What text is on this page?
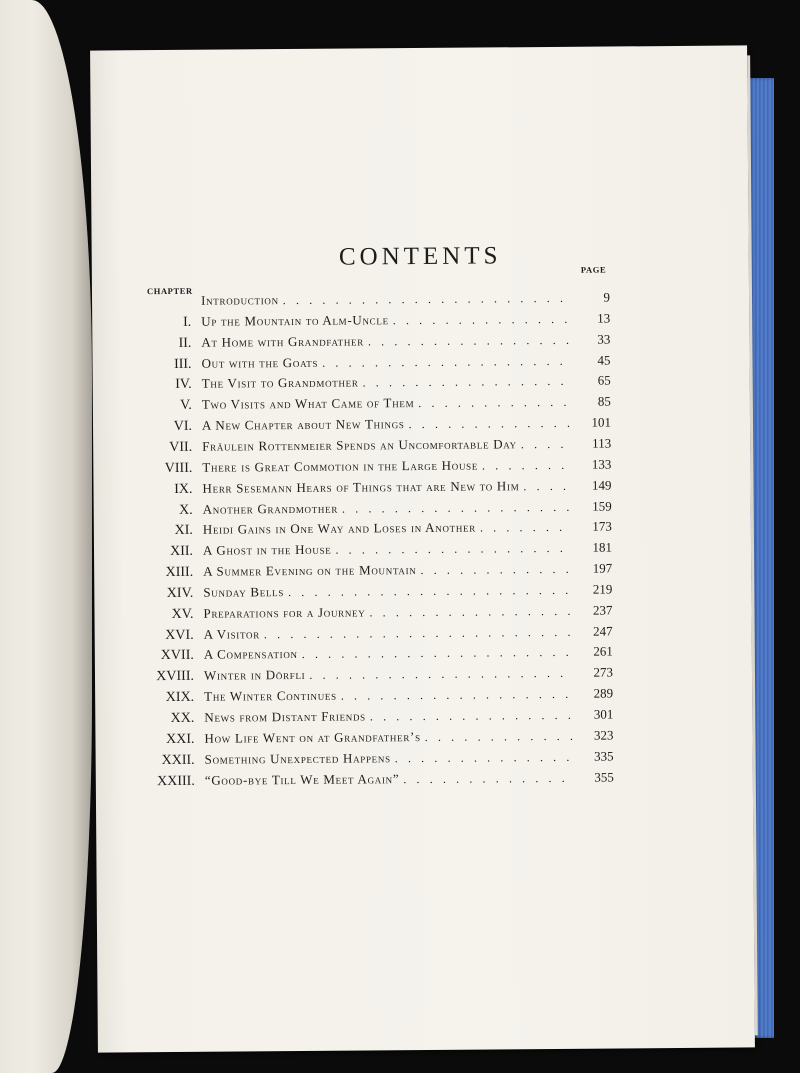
CONTENTS	PAGE
CHAPTER
Introduction . . .	9
I. Up the Mountain to Alm-Uncle . . .	13
II. At Home with Grandfather . . .	33
III. Out with the Goats . . .	45
IV. The Visit to Grandmother . . .	65
V. Two Visits and What Came of Them . . .	85
VI. A New Chapter about New Things . . .	101
VII. Fräulein Rottenmeier Spends an Uncomfortable Day . . .	113
VIII. There is Great Commotion in the Large House . . .	133
IX. Herr Sesemann Hears of Things that are New to Him . . .	149
X. Another Grandmother . . .	159
XI. Heidi Gains in One Way and Loses in Another . . .	173
XII. A Ghost in the House . . .	181
XIII. A Summer Evening on the Mountain . . .	197
XIV. Sunday Bells . . .	219
XV. Preparations for a Journey . . .	237
XVI. A Visitor . . .	247
XVII. A Compensation . . .	261
XVIII. Winter in Dörfli . . .	273
XIX. The Winter Continues . . .	289
XX. News from Distant Friends . . .	301
XXI. How Life Went on at Grandfather’s . . .	323
XXII. Something Unexpected Happens . . .	335
XXIII. “Good-bye Till We Meet Again” . . .	355
